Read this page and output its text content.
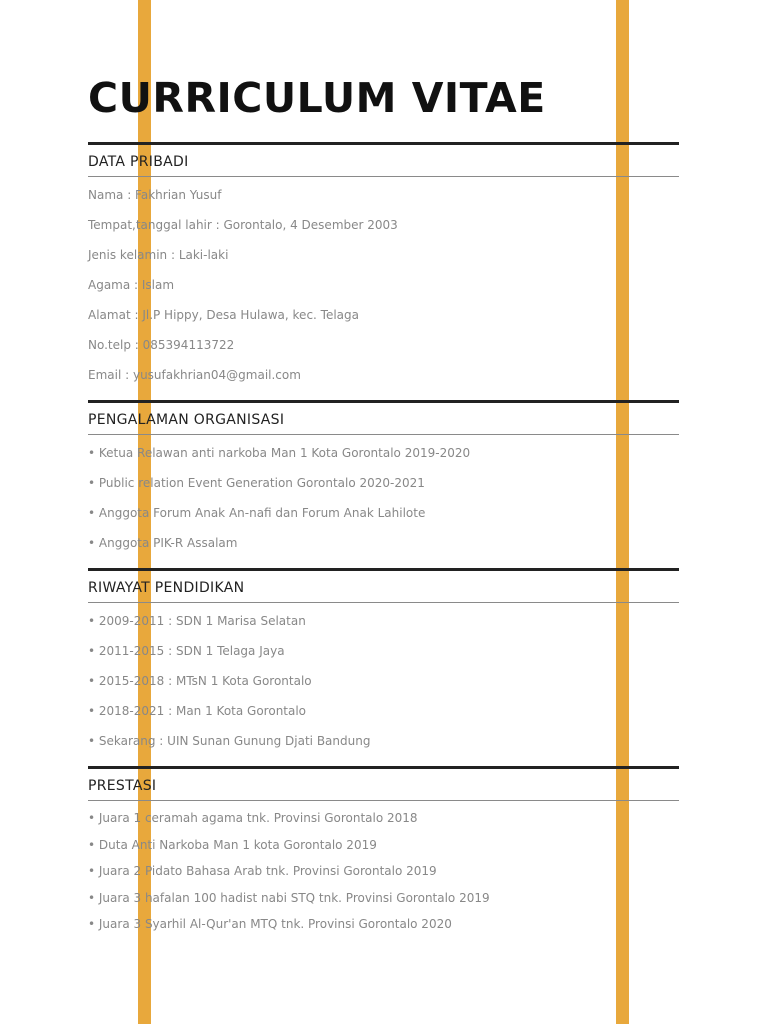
CURRICULUM VITAE
DATA PRIBADI

Nama : Fakhrian Yusuf

Tempat,tanggal lahir : Gorontalo, 4 Desember 2003

Jenis kelamin : Laki-laki

Agama : Islam

Alamat : Jl.P Hippy, Desa Hulawa, kec. Telaga

No.telp : 085394113722

Email : yusufakhrian04@gmail.com

PENGALAMAN ORGANISASI

• Ketua Relawan anti narkoba Man 1 Kota Gorontalo 2019-2020

• Public relation Event Generation Gorontalo 2020-2021

• Anggota Forum Anak An-nafi dan Forum Anak Lahilote

• Anggota PIK-R Assalam

RIWAYAT PENDIDIKAN

• 2009-2011 : SDN 1 Marisa Selatan

• 2011-2015 : SDN 1 Telaga Jaya

• 2015-2018 : MTsN 1 Kota Gorontalo

• 2018-2021 : Man 1 Kota Gorontalo

• Sekarang : UIN Sunan Gunung Djati Bandung

PRESTASI

• Juara 1 ceramah agama tnk. Provinsi Gorontalo 2018

• Duta Anti Narkoba Man 1 kota Gorontalo 2019

• Juara 2 Pidato Bahasa Arab tnk. Provinsi Gorontalo 2019

• Juara 3 hafalan 100 hadist nabi STQ tnk. Provinsi Gorontalo 2019

• Juara 3 Syarhil Al-Qur'an MTQ tnk. Provinsi Gorontalo 2020
